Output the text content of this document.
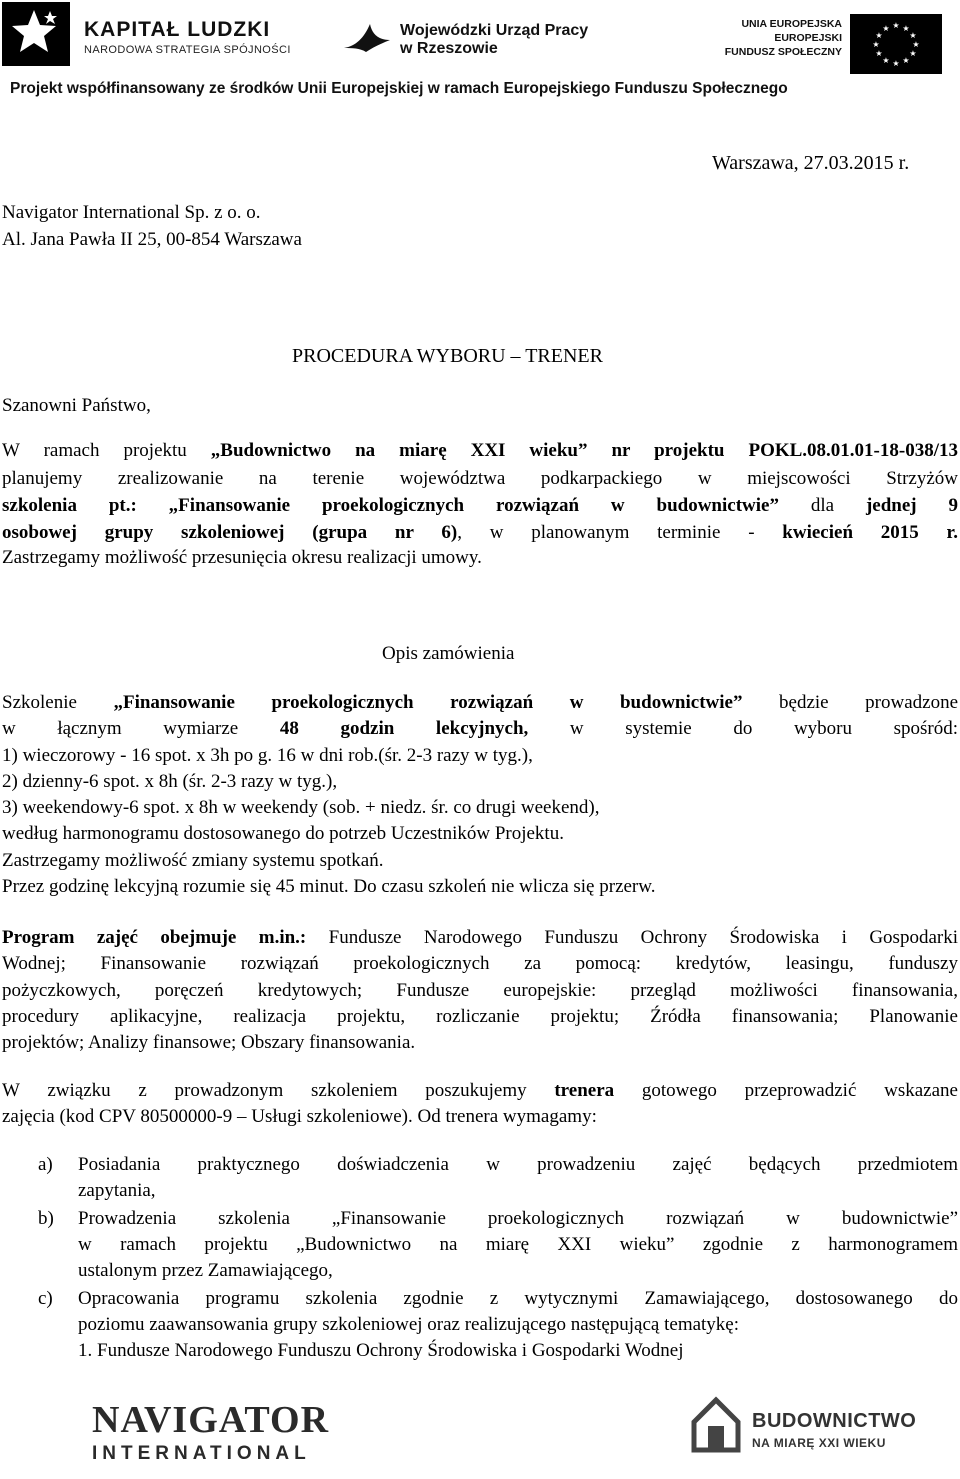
KAPITAŁ LUDZKI
NARODOWA STRATEGIA SPÓJNOŚCI
Wojewódzki Urząd Pracy
w Rzeszowie
UNIA EUROPEJSKA
EUROPEJSKI
FUNDUSZ SPOŁECZNY
★ ★
★
★
★
★
★
★
★
★
★
★
Projekt współfinansowany ze środków Unii Europejskiej w ramach Europejskiego Funduszu Społecznego
Warszawa, 27.03.2015 r.
Navigator International Sp. z o. o.
Al. Jana Pawła II 25, 00-854 Warszawa
PROCEDURA WYBORU – TRENER
Szanowni Państwo,
W ramach projektu „Budownictwo na miarę XXI wieku” nr projektu POKL.08.01.01-18-038/13
planujemy zrealizowanie na terenie województwa podkarpackiego w miejscowości Strzyżów
szkolenia pt.: „Finansowanie proekologicznych rozwiązań w budownictwie” dla jednej 9
osobowej grupy szkoleniowej (grupa nr 6), w planowanym terminie - kwiecień 2015 r.
Zastrzegamy możliwość przesunięcia okresu realizacji umowy.
Opis zamówienia
Szkolenie „Finansowanie proekologicznych rozwiązań w budownictwie” będzie prowadzone
w łącznym wymiarze 48 godzin lekcyjnych, w systemie do wyboru spośród:
1) wieczorowy - 16 spot. x 3h po g. 16 w dni rob.(śr. 2-3 razy w tyg.),
2) dzienny-6 spot. x 8h (śr. 2-3 razy w tyg.),
3) weekendowy-6 spot. x 8h w weekendy (sob. + niedz. śr. co drugi weekend),
według harmonogramu dostosowanego do potrzeb Uczestników Projektu.
Zastrzegamy możliwość zmiany systemu spotkań.
Przez godzinę lekcyjną rozumie się 45 minut. Do czasu szkoleń nie wlicza się przerw.
Program zajęć obejmuje m.in.: Fundusze Narodowego Funduszu Ochrony Środowiska i Gospodarki
Wodnej; Finansowanie rozwiązań proekologicznych za pomocą: kredytów, leasingu, funduszy
pożyczkowych, poręczeń kredytowych; Fundusze europejskie: przegląd możliwości finansowania,
procedury aplikacyjne, realizacja projektu, rozliczanie projektu; Źródła finansowania; Planowanie
projektów; Analizy finansowe; Obszary finansowania.
W związku z prowadzonym szkoleniem poszukujemy trenera gotowego przeprowadzić wskazane
zajęcia (kod CPV 80500000-9 – Usługi szkoleniowe). Od trenera wymagamy:
a) Posiadania praktycznego doświadczenia w prowadzeniu zajęć będących przedmiotem
zapytania,
b) Prowadzenia szkolenia „Finansowanie proekologicznych rozwiązań w budownictwie”
w ramach projektu „Budownictwo na miarę XXI wieku” zgodnie z harmonogramem
ustalonym przez Zamawiającego,
c) Opracowania programu szkolenia zgodnie z wytycznymi Zamawiającego, dostosowanego do
poziomu zaawansowania grupy szkoleniowej oraz realizującego następującą tematykę:
1. Fundusze Narodowego Funduszu Ochrony Środowiska i Gospodarki Wodnej
NAVIGATOR
INTERNATIONAL
BUDOWNICTWO
NA MIARĘ XXI WIEKU
